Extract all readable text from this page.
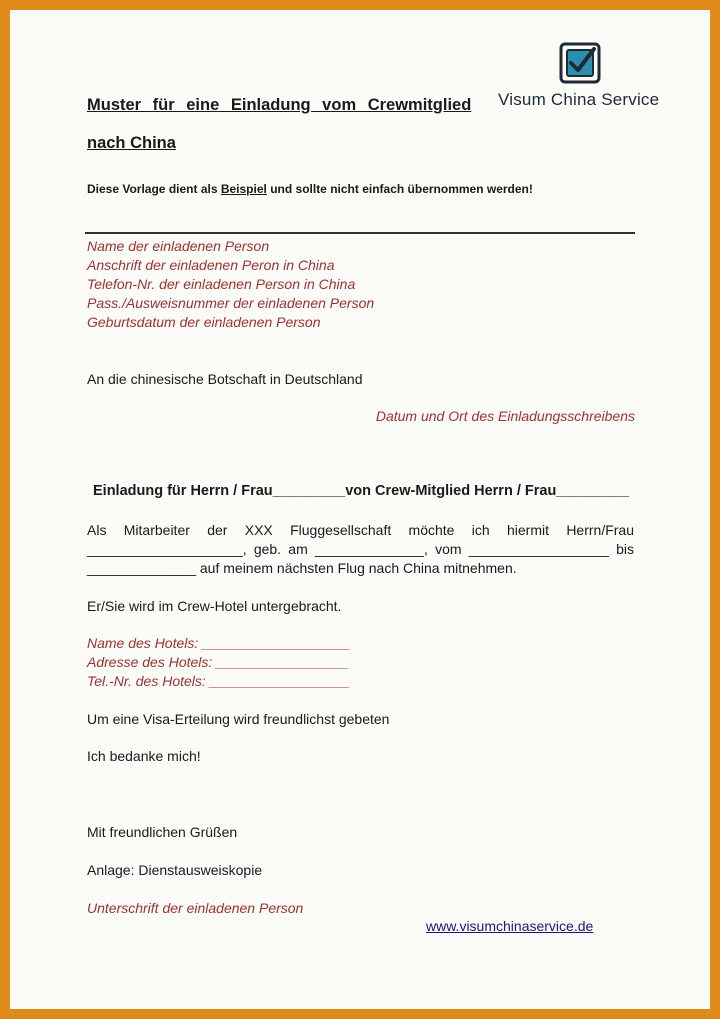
Visum China Service
Muster für eine Einladung vom Crewmitglied
nach China
Diese Vorlage dient als Beispiel und sollte nicht einfach übernommen werden!
Name der einladenen Person
Anschrift der einladenen Peron in China
Telefon-Nr. der einladenen Person in China
Pass./Ausweisnummer der einladenen Person
Geburtsdatum der einladenen Person
An die chinesische Botschaft in Deutschland
Datum und Ort des Einladungsschreibens
Einladung für Herrn / Frau_________von Crew-Mitglied Herrn / Frau_________
Als Mitarbeiter der XXX Fluggesellschaft möchte ich hiermit Herrn/Frau
____________________, geb. am ______________, vom __________________ bis
______________ auf meinem nächsten Flug nach China mitnehmen.
Er/Sie wird im Crew-Hotel untergebracht.
Name des Hotels: ___________________
Adresse des Hotels: _________________
Tel.-Nr. des Hotels: __________________
Um eine Visa-Erteilung wird freundlichst gebeten
Ich bedanke mich!
Mit freundlichen Grüßen
Anlage: Dienstausweiskopie
Unterschrift der einladenen Person
www.visumchinaservice.de
